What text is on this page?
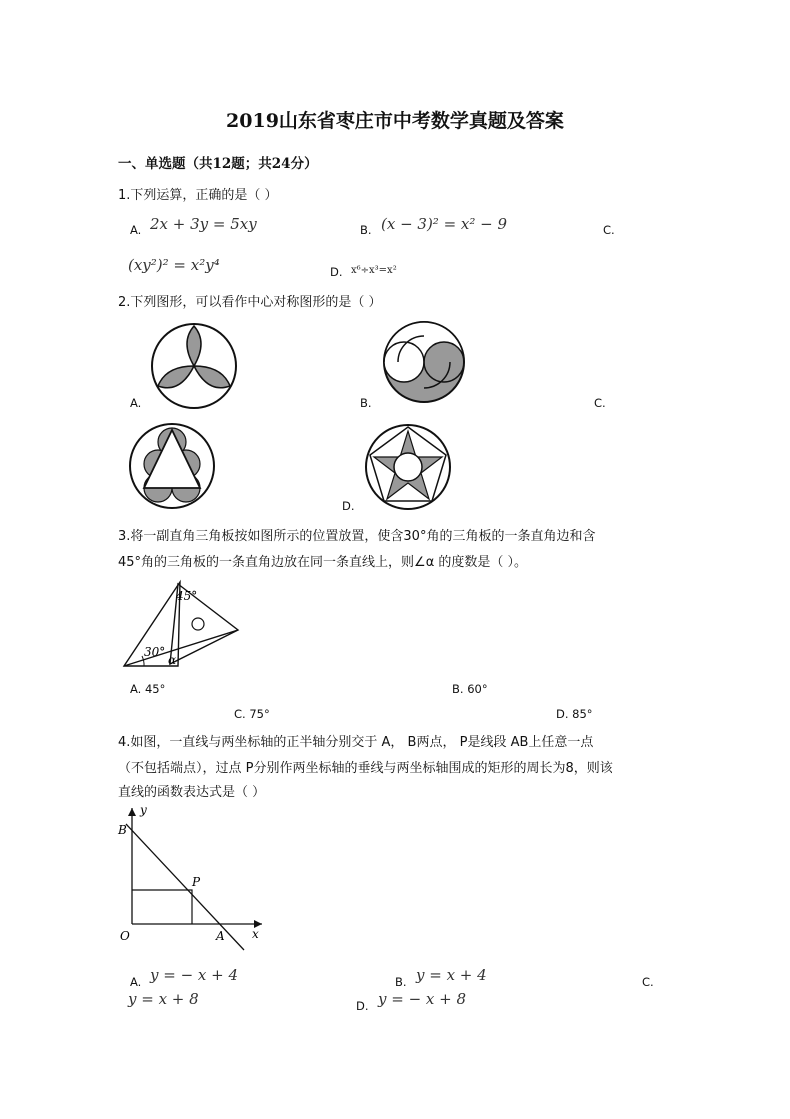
2019山东省枣庄市中考数学真题及答案
一、单选题（共12题；共24分）
1.下列运算，正确的是（ ）
A. 2x + 3y = 5xy	B. (x − 3)² = x² − 9	C.
(xy²)² = x²y⁴	D. x⁶÷x³=x²
2.下列图形，可以看作中心对称图形的是（ ）
A.	B.	C.
D.
3.将一副直角三角板按如图所示的位置放置，使含30°角的三角板的一条直角边和含
45°角的三角板的一条直角边放在同一条直线上，则∠α 的度数是（ ）。
45°
30°
α
A. 45°	B. 60°
C. 75°	D. 85°
4.如图，一直线与两坐标轴的正半轴分别交于 A， B两点， P是线段 AB上任意一点
（不包括端点），过点 P分别作两坐标轴的垂线与两坐标轴围成的矩形的周长为8，则该
直线的函数表达式是（ ）
y
x
B
P
O	A
A. y = − x + 4	B. y = x + 4	C.
y = x + 8	D. y = − x + 8
